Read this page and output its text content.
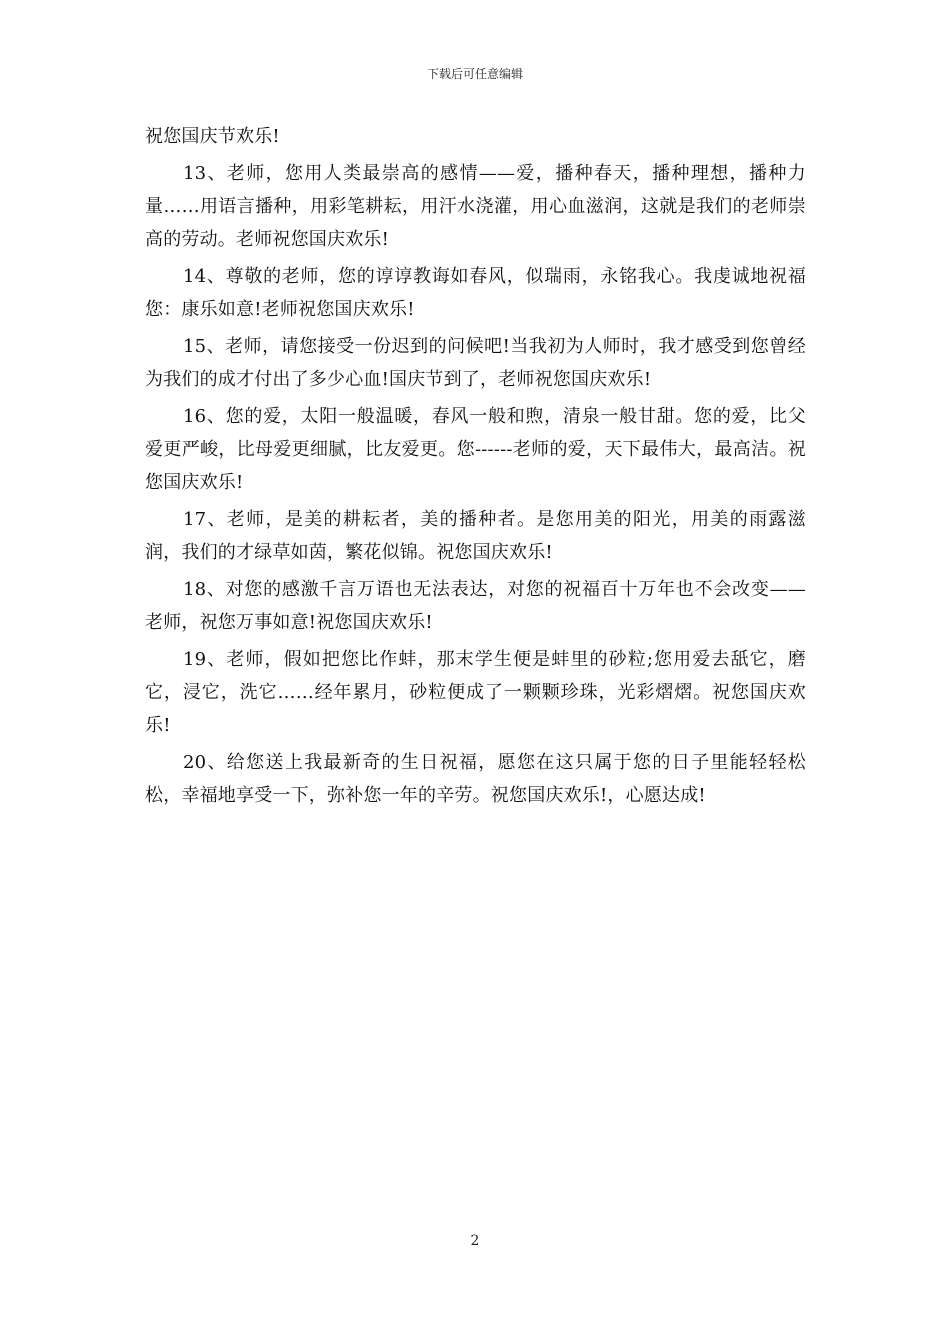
下载后可任意编辑

祝您国庆节欢乐!

13、老师，您用人类最崇高的感情——爱，播种春天，播种理想，播种力量……用语言播种，用彩笔耕耘，用汗水浇灌，用心血滋润，这就是我们的老师崇高的劳动。老师祝您国庆欢乐!

14、尊敬的老师，您的谆谆教诲如春风，似瑞雨，永铭我心。我虔诚地祝福您：康乐如意!老师祝您国庆欢乐!

15、老师，请您接受一份迟到的问候吧!当我初为人师时，我才感受到您曾经为我们的成才付出了多少心血!国庆节到了，老师祝您国庆欢乐!

16、您的爱，太阳一般温暖，春风一般和煦，清泉一般甘甜。您的爱，比父爱更严峻，比母爱更细腻，比友爱更。您------老师的爱，天下最伟大，最高洁。祝您国庆欢乐!

17、老师，是美的耕耘者，美的播种者。是您用美的阳光，用美的雨露滋润，我们的才绿草如茵，繁花似锦。祝您国庆欢乐!

18、对您的感激千言万语也无法表达，对您的祝福百十万年也不会改变——老师，祝您万事如意!祝您国庆欢乐!

19、老师，假如把您比作蚌，那末学生便是蚌里的砂粒;您用爱去舐它，磨它，浸它，洗它……经年累月，砂粒便成了一颗颗珍珠，光彩熠熠。祝您国庆欢乐!

20、给您送上我最新奇的生日祝福，愿您在这只属于您的日子里能轻轻松松，幸福地享受一下，弥补您一年的辛劳。祝您国庆欢乐!，心愿达成!

2
